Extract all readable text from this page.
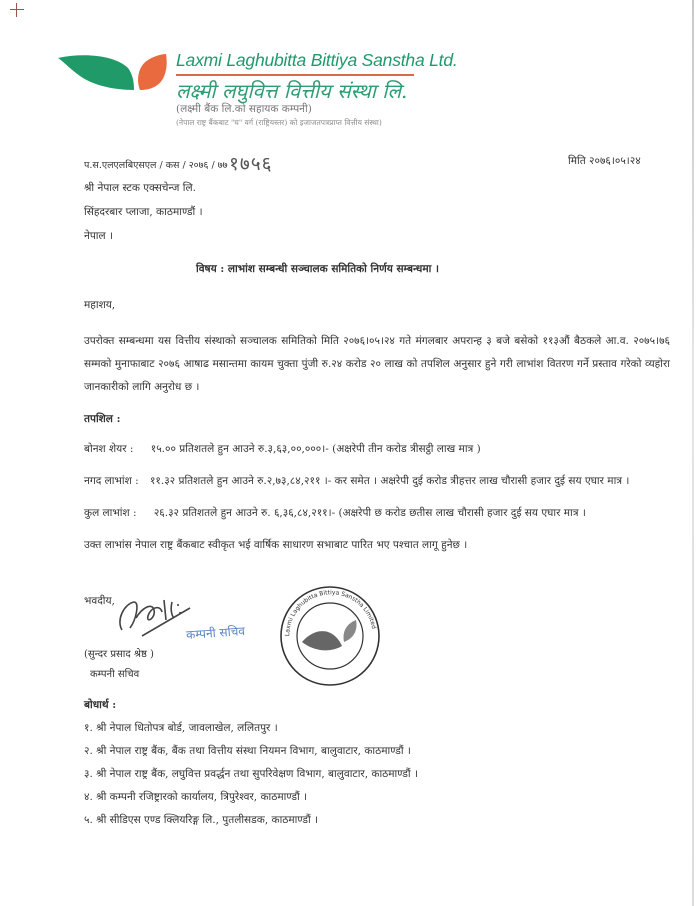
Laxmi Laghubitta Bittiya Sanstha Ltd.
लक्ष्मी लघुवित्त वित्तीय संस्था लि.
(लक्ष्मी बैंक लि.को सहायक कम्पनी)
(नेपाल राष्ट्र बैंकबाट "घ" वर्ग (राष्ट्रियस्तर) को इजाजतपत्रप्राप्त वित्तीय संस्था)
प.स.एलएलबिएसएल / कस / २०७६ / ७७ १७५६	मिति २०७६।०५।२४
श्री नेपाल स्टक एक्सचेन्ज लि.
सिंहदरबार प्लाजा, काठमाण्डौं ।
नेपाल ।
विषय : लाभांश सम्बन्धी सञ्चालक समितिको निर्णय सम्बन्धमा ।
महाशय,
उपरोक्त सम्बन्धमा यस वित्तीय संस्थाको सञ्चालक समितिको मिति २०७६।०५।२४ गते मंगलबार अपरान्ह ३ बजे बसेको ११३औं बैठकले आ.व. २०७५।७६ सम्मको मुनाफाबाट २०७६ आषाढ मसान्तमा कायम चुक्ता पुंजी रु.२४ करोड २० लाख को तपशिल अनुसार हुने गरी लाभांश वितरण गर्ने प्रस्ताव गरेको व्यहोरा जानकारीको लागि अनुरोध छ ।
तपशिल :
बोनश शेयर : १५.०० प्रतिशतले हुन आउने रु.३,६३,००,०००।- (अक्षरेपी तीन करोड त्रीसट्ठी लाख मात्र )
नगद लाभांश : ११.३२ प्रतिशतले हुन आउने रु.२,७३,८४,२११ ।- कर समेत । अक्षरेपी दुई करोड त्रीहत्तर लाख चौरासी हजार दुई सय एघार मात्र ।
कुल लाभांश : २६.३२ प्रतिशतले हुन आउने रु. ६,३६,८४,२११।- (अक्षरेपी छ करोड छतीस लाख चौरासी हजार दुई सय एघार मात्र ।
उक्त लाभांस नेपाल राष्ट्र बैंकबाट स्वीकृत भई वार्षिक साधारण सभाबाट पारित भए पश्चात लागू हुनेछ ।
भवदीय,
कम्पनी सचिव	Laxmi Laghubitta Bittiya Sanstha Limited
(सुन्दर प्रसाद श्रेष्ठ )
कम्पनी सचिव
बोधार्थ :
१. श्री नेपाल धितोपत्र बोर्ड, जावलाखेल, ललितपुर ।
२. श्री नेपाल राष्ट्र बैंक, बैंक तथा वित्तीय संस्था नियमन विभाग, बालुवाटार, काठमाण्डौं ।
३. श्री नेपाल राष्ट्र बैंक, लघुवित्त प्रवर्द्धन तथा सुपरिवेक्षण विभाग, बालुवाटार, काठमाण्डौं ।
४. श्री कम्पनी रजिष्ट्रारको कार्यालय, त्रिपुरेश्वर, काठमाण्डौं ।
५. श्री सीडिएस एण्ड क्लियरिङ्ग लि., पुतलीसडक, काठमाण्डौं ।
